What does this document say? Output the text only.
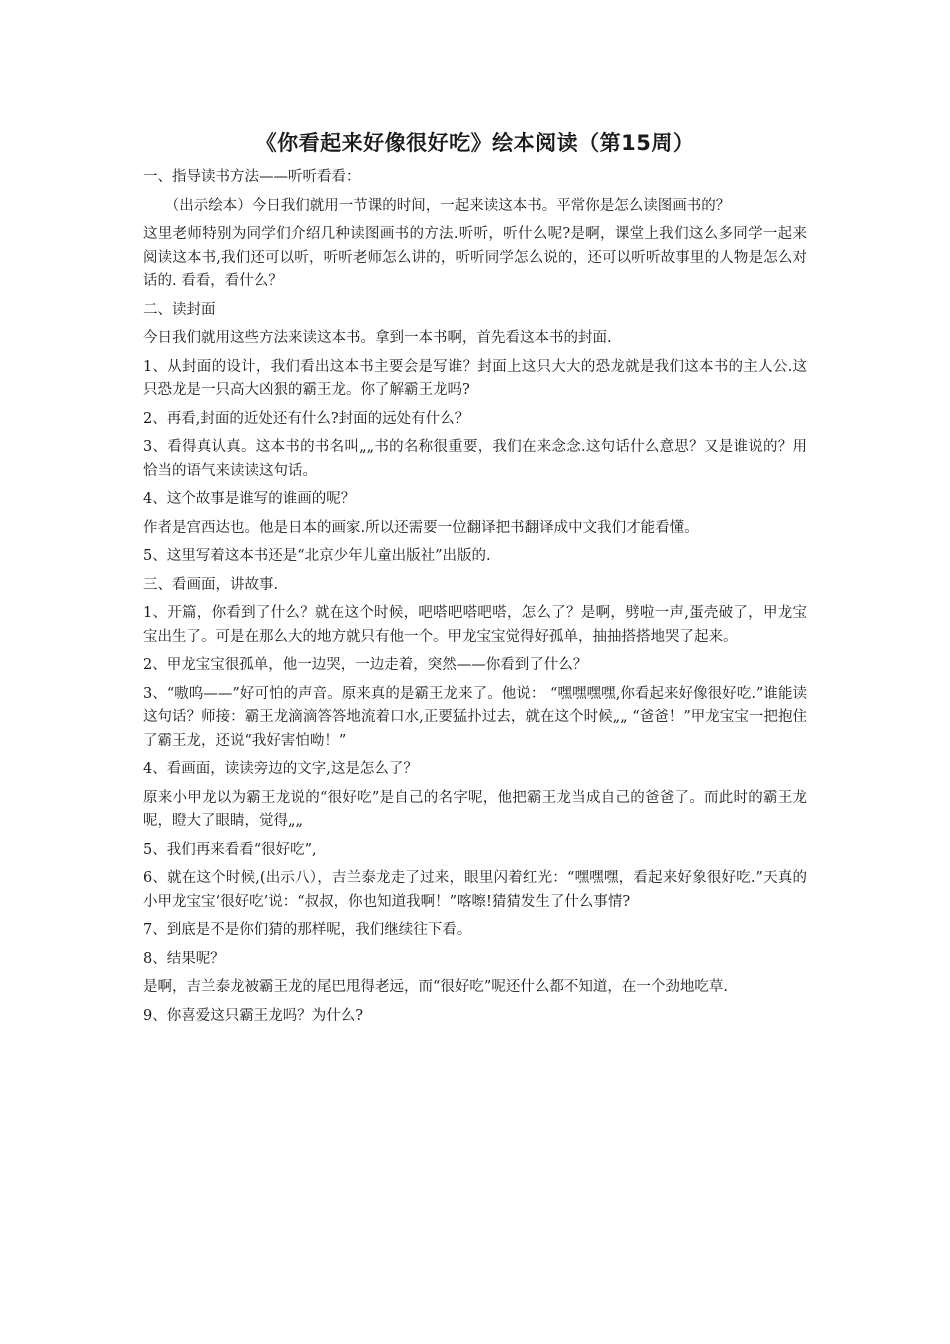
《你看起来好像很好吃》绘本阅读（第15周）

一、指导读书方法——听听看看：

（出示绘本）今日我们就用一节课的时间，一起来读这本书。平常你是怎么读图画书的？

这里老师特别为同学们介绍几种读图画书的方法.听听，听什么呢?是啊，课堂上我们这么多同学一起来阅读这本书,我们还可以听，听听老师怎么讲的，听听同学怎么说的，还可以听听故事里的人物是怎么对话的. 看看，看什么？

二、读封面

今日我们就用这些方法来读这本书。拿到一本书啊，首先看这本书的封面.

1、从封面的设计，我们看出这本书主要会是写谁？封面上这只大大的恐龙就是我们这本书的主人公.这只恐龙是一只高大凶狠的霸王龙。你了解霸王龙吗?

2、再看,封面的近处还有什么?封面的远处有什么？

3、看得真认真。这本书的书名叫„„书的名称很重要，我们在来念念.这句话什么意思？又是谁说的？用恰当的语气来读读这句话。

4、这个故事是谁写的谁画的呢？

作者是宫西达也。他是日本的画家.所以还需要一位翻译把书翻译成中文我们才能看懂。

5、这里写着这本书还是“北京少年儿童出版社”出版的.

三、看画面，讲故事.

1、开篇，你看到了什么？就在这个时候，吧嗒吧嗒吧嗒，怎么了？是啊，劈啦一声,蛋壳破了，甲龙宝宝出生了。可是在那么大的地方就只有他一个。甲龙宝宝觉得好孤单，抽抽搭搭地哭了起来。

2、甲龙宝宝很孤单，他一边哭，一边走着，突然——你看到了什么？

3、“嗷呜——”好可怕的声音。原来真的是霸王龙来了。他说： “嘿嘿嘿嘿,你看起来好像很好吃.”谁能读这句话？师接：霸王龙滴滴答答地流着口水,正要猛扑过去，就在这个时候„„ “爸爸！”甲龙宝宝一把抱住了霸王龙，还说“我好害怕呦！”

4、看画面，读读旁边的文字,这是怎么了？

原来小甲龙以为霸王龙说的“很好吃”是自己的名字呢，他把霸王龙当成自己的爸爸了。而此时的霸王龙呢，瞪大了眼睛，觉得„„

5、我们再来看看“很好吃”,

6、就在这个时候,(出示八），吉兰泰龙走了过来，眼里闪着红光：“嘿嘿嘿，看起来好象很好吃.”天真的小甲龙宝宝‘很好吃’说：“叔叔，你也知道我啊！”喀嚓!猜猜发生了什么事情?

7、到底是不是你们猜的那样呢，我们继续往下看。

8、结果呢？

是啊，吉兰泰龙被霸王龙的尾巴甩得老远，而“很好吃”呢还什么都不知道，在一个劲地吃草.

9、你喜爱这只霸王龙吗？为什么?
